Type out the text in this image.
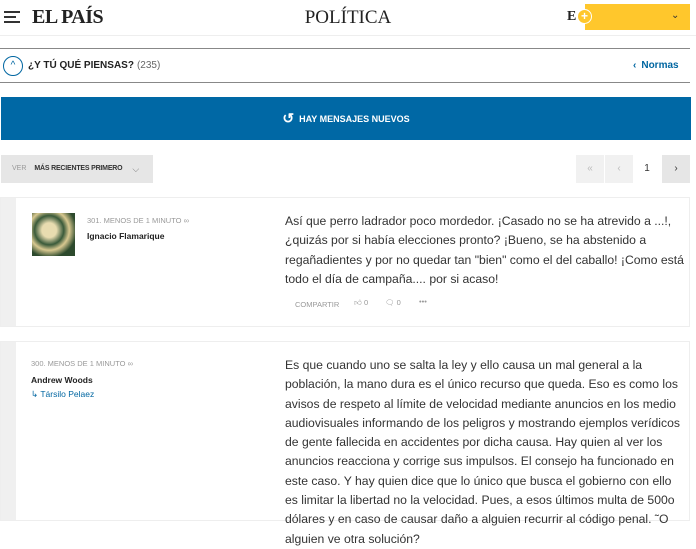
EL PAÍS	POLÍTICA	E +	⌄
^	¿Y TÚ QUÉ PIENSAS? (235)	‹ Normas
↺ HAY MENSAJES NUEVOS
VER MÁS RECIENTES PRIMERO ⌵	«	‹	1	›
301. MENOS DE 1 MINUTO ∞
Ignacio Flamarique
Así que perro ladrador poco mordedor. ¡Casado no se ha atrevido a ...!, ¿quizás por si había elecciones pronto? ¡Bueno, se ha abstenido a regañadientes y por no quedar tan "bien" como el del caballo! ¡Como está todo el día de campaña.... por si acaso!
COMPARTIR 👍︎ 0 🗨︎ 0 •••
300. MENOS DE 1 MINUTO ∞
Andrew Woods
↳ Társilo Pelaez
Es que cuando uno se salta la ley y ello causa un mal general a la población, la mano dura es el único recurso que queda. Eso es como los avisos de respeto al límite de velocidad mediante anuncios en los medio audiovisuales informando de los peligros y mostrando ejemplos verídicos de gente fallecida en accidentes por dicha causa. Hay quien al ver los anuncios reacciona y corrige sus impulsos. El consejo ha funcionado en este caso. Y hay quien dice que lo único que busca el gobierno con ello es limitar la libertad no la velocidad. Pues, a esos últimos multa de 500o dólares y en caso de causar daño a alguien recurrir al código penal. ˜O alguien ve otra solución?
